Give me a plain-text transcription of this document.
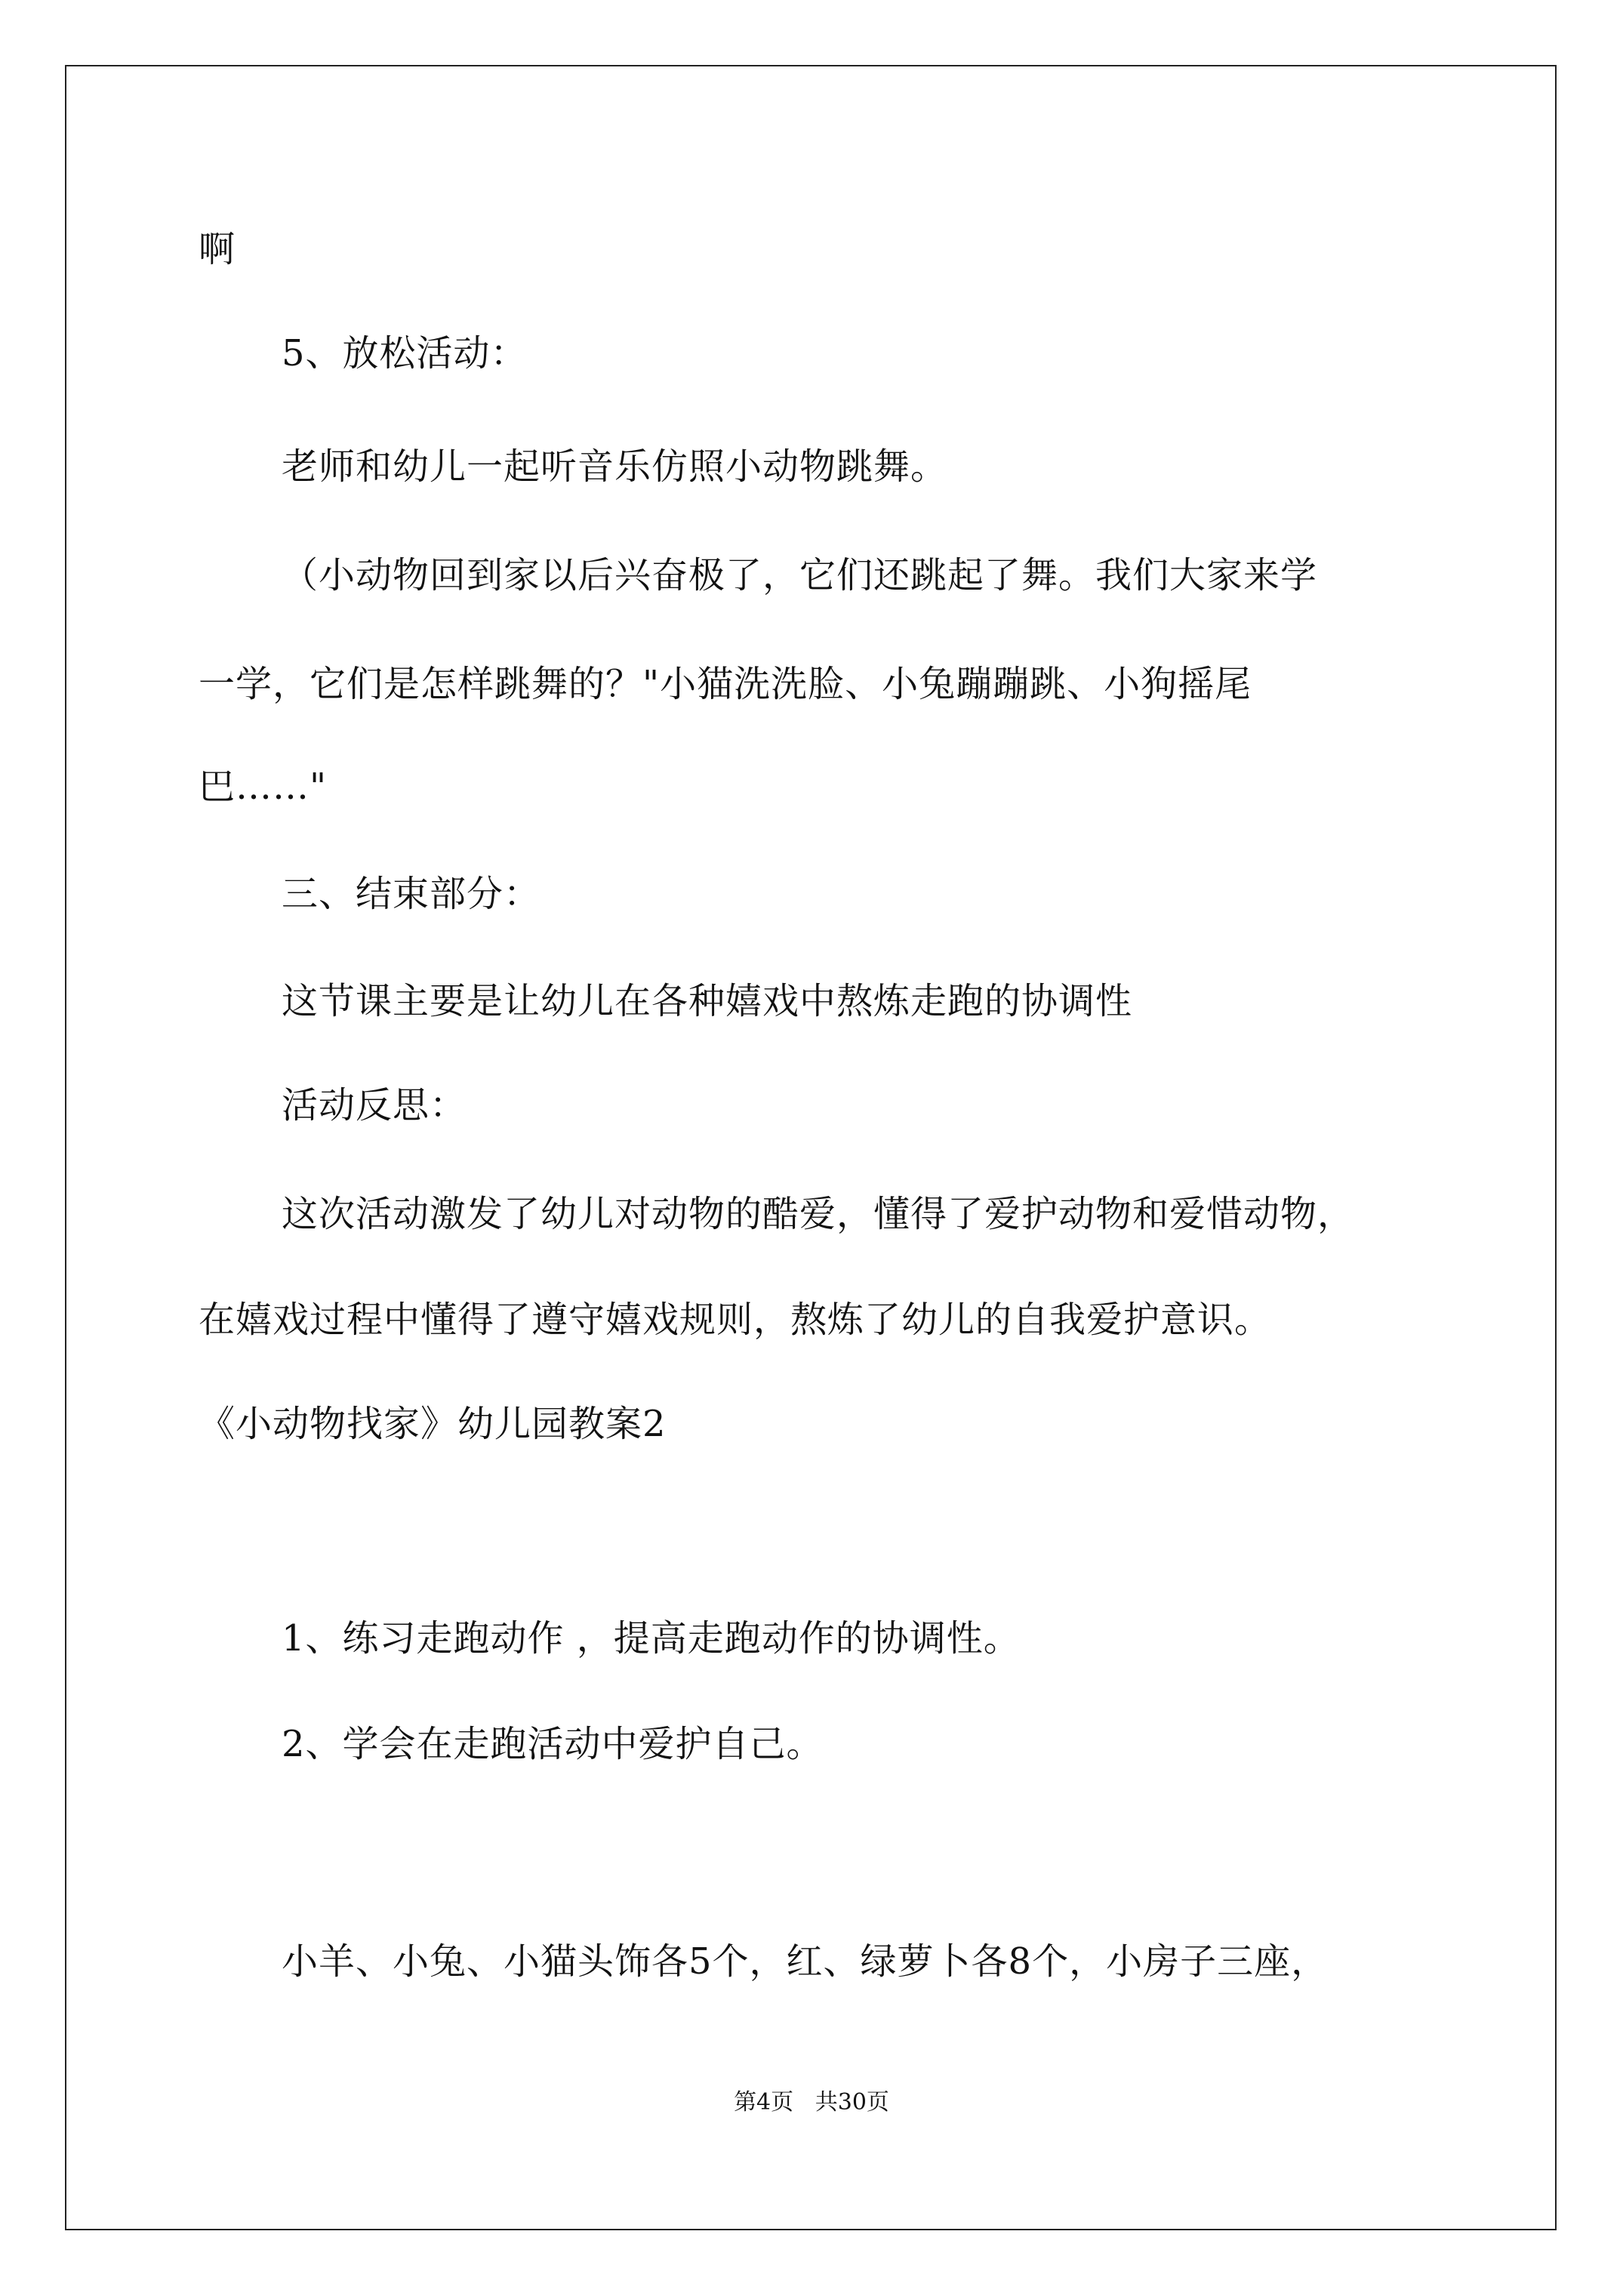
啊
5、放松活动：
老师和幼儿一起听音乐仿照小动物跳舞。
（小动物回到家以后兴奋极了，它们还跳起了舞。我们大家来学
一学，它们是怎样跳舞的？"小猫洗洗脸、小兔蹦蹦跳、小狗摇尾
巴……"
三、结束部分：
这节课主要是让幼儿在各种嬉戏中熬炼走跑的协调性
活动反思：
这次活动激发了幼儿对动物的酷爱，懂得了爱护动物和爱惜动物，
在嬉戏过程中懂得了遵守嬉戏规则，熬炼了幼儿的自我爱护意识。
《小动物找家》幼儿园教案2
1、练习走跑动作 ，提高走跑动作的协调性。
2、学会在走跑活动中爱护自己。
小羊、小兔、小猫头饰各5个，红、绿萝卜各8个，小房子三座，
第4页   共30页
